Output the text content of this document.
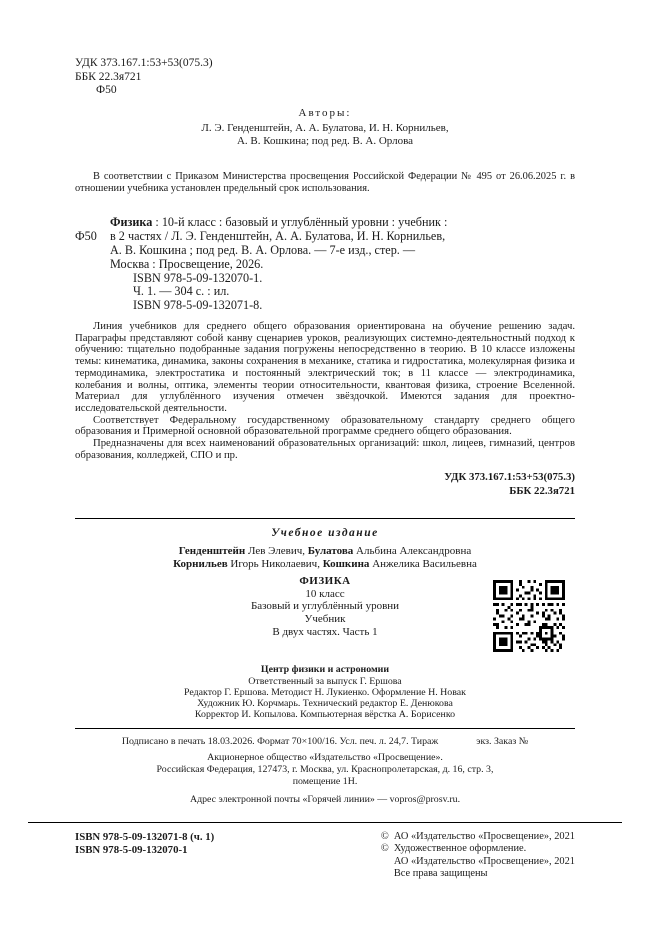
УДК 373.167.1:53+53(075.3)
ББК 22.3я721
Ф50
Авторы:
Л. Э. Генденштейн, А. А. Булатова, И. Н. Корнильев,
А. В. Кошкина; под ред. В. А. Орлова

В соответствии с Приказом Министерства просвещения Российской Федерации № 495 от 26.06.2025 г. в отношении учебника установлен предельный срок использования.

Физика : 10-й класс : базовый и углублённый уровни : учебник :
Ф50 в 2 частях / Л. Э. Генденштейн, А. А. Булатова, И. Н. Корнильев,
А. В. Кошкина ; под ред. В. А. Орлова. — 7-е изд., стер. —
Москва : Просвещение, 2026.
ISBN 978-5-09-132070-1.
Ч. 1. — 304 с. : ил.
ISBN 978-5-09-132071-8.

Линия учебников для среднего общего образования ориентирована на обучение решению задач. Параграфы представляют собой канву сценариев уроков, реализующих системно-деятельностный подход к обучению: тщательно подобранные задания погружены непосредственно в теорию. В 10 классе изложены темы: кинематика, динамика, законы сохранения в механике, статика и гидростатика, молекулярная физика и термодинамика, электростатика и постоянный электрический ток; в 11 классе — электродинамика, колебания и волны, оптика, элементы теории относительности, квантовая физика, строение Вселенной. Материал для углублённого изучения отмечен звёздочкой. Имеются задания для проектно-исследовательской деятельности.

Соответствует Федеральному государственному образовательному стандарту среднего общего образования и Примерной основной образовательной программе среднего общего образования.

Предназначены для всех наименований образовательных организаций: школ, лицеев, гимназий, центров образования, колледжей, СПО и пр.

УДК 373.167.1:53+53(075.3)
ББК 22.3я721
Учебное издание
Генденштейн Лев Элевич, Булатова Альбина Александровна
Корнильев Игорь Николаевич, Кошкина Анжелика Васильевна
ФИЗИКА
10 класс
Базовый и углублённый уровни
Учебник
В двух частях. Часть 1
Центр физики и астрономии
Ответственный за выпуск Г. Ершова
Редактор Г. Ершова. Методист Н. Лукиенко. Оформление Н. Новак
Художник Ю. Корчмарь. Технический редактор Е. Денюкова
Корректор И. Копылова. Компьютерная вёрстка А. Борисенко
Подписано в печать 18.03.2026. Формат 70×100/16. Усл. печ. л. 24,7. Тираж	экз. Заказ №
Акционерное общество «Издательство «Просвещение».
Российская Федерация, 127473, г. Москва, ул. Краснопролетарская, д. 16, стр. 3,
помещение 1Н.
Адрес электронной почты «Горячей линии» — vopros@prosv.ru.
ISBN 978-5-09-132071-8 (ч. 1)
ISBN 978-5-09-132070-1
© АО «Издательство «Просвещение», 2021
© Художественное оформление.
АО «Издательство «Просвещение», 2021
Все права защищены
